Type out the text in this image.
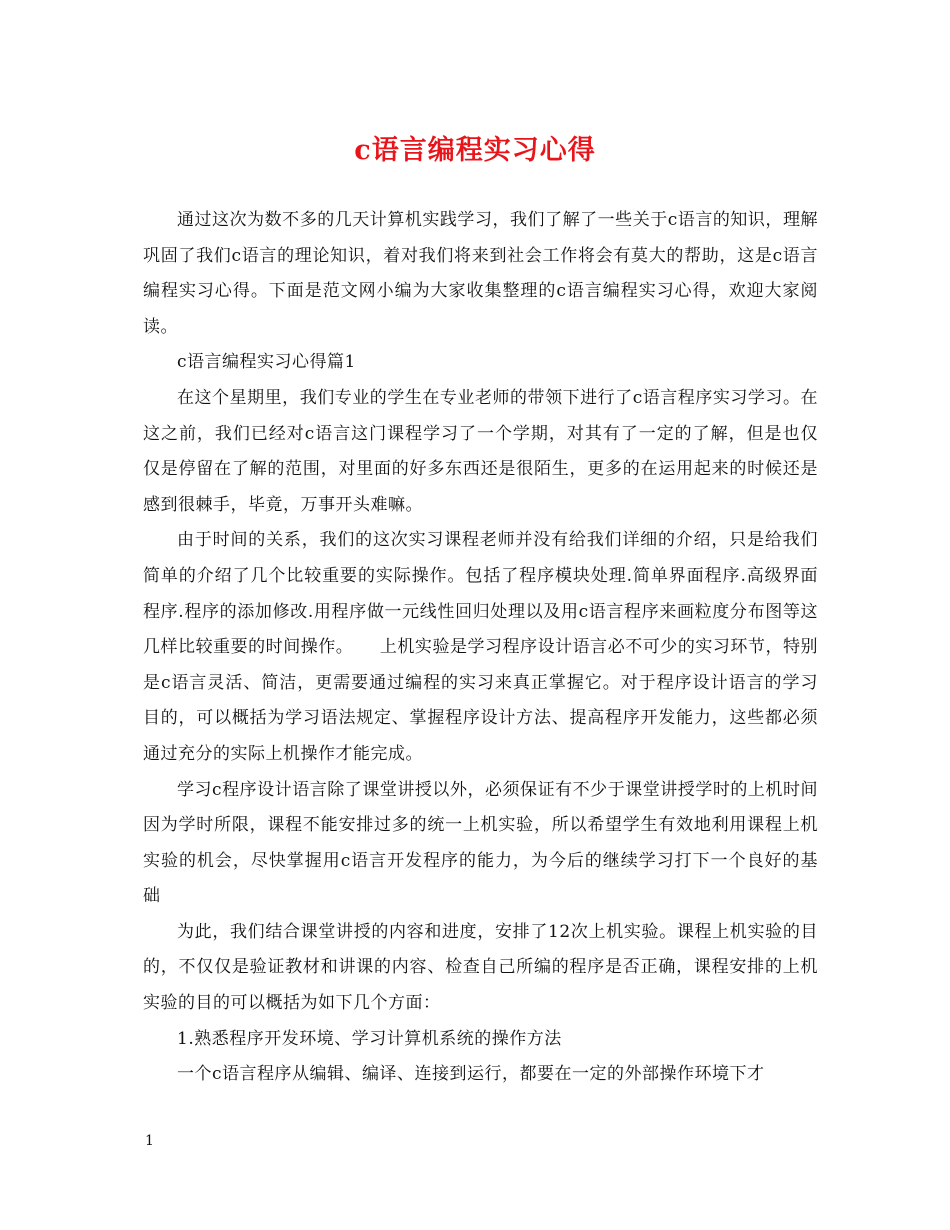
c语言编程实习心得

通过这次为数不多的几天计算机实践学习，我们了解了一些关于c语言的知识，理解巩固了我们c语言的理论知识，着对我们将来到社会工作将会有莫大的帮助，这是c语言编程实习心得。下面是范文网小编为大家收集整理的c语言编程实习心得，欢迎大家阅读。

c语言编程实习心得篇1

在这个星期里，我们专业的学生在专业老师的带领下进行了c语言程序实习学习。在这之前，我们已经对c语言这门课程学习了一个学期，对其有了一定的了解，但是也仅仅是停留在了解的范围，对里面的好多东西还是很陌生，更多的在运用起来的时候还是感到很棘手，毕竟，万事开头难嘛。

由于时间的关系，我们的这次实习课程老师并没有给我们详细的介绍，只是给我们简单的介绍了几个比较重要的实际操作。包括了程序模块处理.简单界面程序.高级界面程序.程序的添加修改.用程序做一元线性回归处理以及用c语言程序来画粒度分布图等这几样比较重要的时间操作。　　上机实验是学习程序设计语言必不可少的实习环节，特别是c语言灵活、简洁，更需要通过编程的实习来真正掌握它。对于程序设计语言的学习目的，可以概括为学习语法规定、掌握程序设计方法、提高程序开发能力，这些都必须通过充分的实际上机操作才能完成。

学习c程序设计语言除了课堂讲授以外，必须保证有不少于课堂讲授学时的上机时间因为学时所限，课程不能安排过多的统一上机实验，所以希望学生有效地利用课程上机实验的机会，尽快掌握用c语言开发程序的能力，为今后的继续学习打下一个良好的基础

为此，我们结合课堂讲授的内容和进度，安排了12次上机实验。课程上机实验的目的，不仅仅是验证教材和讲课的内容、检查自己所编的程序是否正确，课程安排的上机实验的目的可以概括为如下几个方面：

1.熟悉程序开发环境、学习计算机系统的操作方法

一个c语言程序从编辑、编译、连接到运行，都要在一定的外部操作环境下才

1
